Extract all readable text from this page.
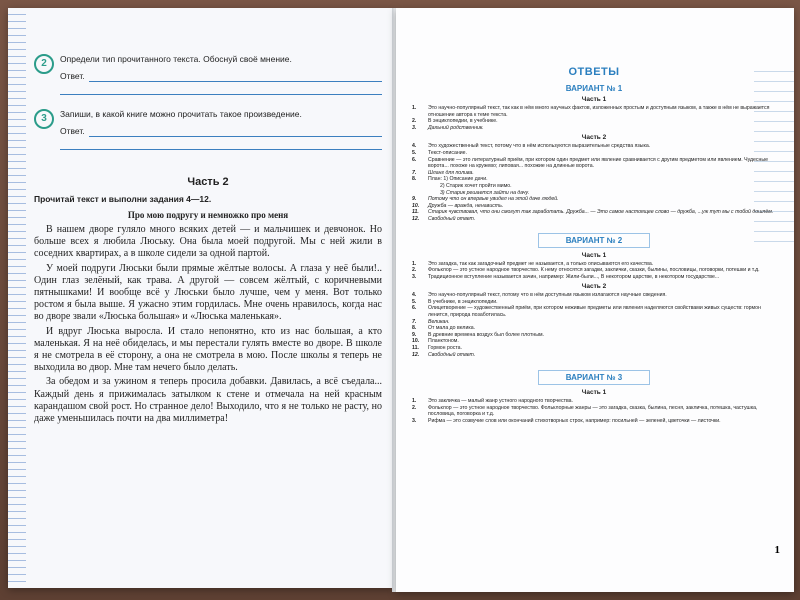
2	Определи тип прочитанного текста. Обоснуй своё мнение.
Ответ.
3	Запиши, в какой книге можно прочитать такое произведение.
Ответ.
Часть 2
Прочитай текст и выполни задания 4—12.
Про мою подругу и немножко про меня

В нашем дворе гуляло много всяких детей — и мальчишек и девчонок. Но больше всех я любила Люську. Она была моей подругой. Мы с ней жили в соседних квартирах, а в школе сидели за одной партой.

У моей подруги Люськи были прямые жёлтые волосы. А глаза у неё были!.. Один глаз зелёный, как трава. А другой — совсем жёлтый, с коричневыми пятнышками! И вообще всё у Люськи было лучше, чем у меня. Вот только ростом я была выше. Я ужасно этим гордилась. Мне очень нравилось, когда нас во дворе звали «Люська большая» и «Люська маленькая».

И вдруг Люська выросла. И стало непонятно, кто из нас большая, а кто маленькая. Я на неё обиделась, и мы перестали гулять вместе во дворе. В школе я не смотрела в её сторону, а она не смотрела в мою. После школы я теперь не выходила во двор. Мне там нечего было делать.

За обедом и за ужином я теперь просила добавки. Давилась, а всё съедала... Каждый день я прижималась затылком к стене и отмечала на ней красным карандашом свой рост. Но странное дело! Выходило, что я не только не расту, но даже уменьшилась почти на два миллиметра!

ОТВЕТЫ
ВАРИАНТ № 1
Часть 1
1. Это научно-популярный текст, так как в нём много научных фактов, изложенных простым и доступным языком, а также в нём не выражается отношение автора к теме текста.
2. В энциклопедии, в учебнике.
3. Дальний родственник.
Часть 2
4. Это художественный текст, потому что в нём используются выразительные средства языка.
5. Текст-описание.
6. Сравнение — это литературный приём, при котором один предмет или явление сравнивается с другим предметом или явлением. Чудесные ворота... похоже на кружево; липовая... похожие на длинные ворота.
7. Шланг для полива.
8. План: 1) Описание дачи.
2) Старик хочет пройти мимо.
3) Старик решается зайти на дачу.
9. Потому что он впервые увидел на этой даче людей.
10. Дружба — вражда, ненависть.
11. Старик чувствовал, что они смогут так заработать. Дружба... — Это самое настоящее слово — дружба, ...уж тут мы с тобой дошлём.
12. Свободный ответ.
ВАРИАНТ № 2
Часть 1
1. Это загадка, так как загадочный предмет не называется, а только описываются его качества.
2. Фольклор — это устное народное творчество. К нему относятся загадки, заклички, сказки, былины, пословицы, поговорки, потешки и т.д.
3. Традиционное вступление называется зачин, например: Жили-были..., В некотором царстве, в некотором государстве...
Часть 2
4. Это научно-популярный текст, потому что в нём доступным языком излагаются научные сведения.
5. В учебнике, в энциклопедии.
6. Олицетворение — художественный приём, при котором неживые предметы или явления наделяются свойствами живых существ: гормон ленится, природа позаботилась.
7. Великан.
8. От мала до велика.
9. В древние времена воздух был более плотным.
10. Планктоном.
11. Гормон роста.
12. Свободный ответ.
ВАРИАНТ № 3
Часть 1
1. Это закличка — малый жанр устного народного творчества.
2. Фольклор — это устное народное творчество. Фольклорные жанры — это загадка, сказка, былина, песня, закличка, потешка, частушка, пословица, поговорка и т.д.
3. Рифма — это созвучие слов или окончаний стихотворных строк, например: посильней — зеленей, цветочки — листочки.
1
